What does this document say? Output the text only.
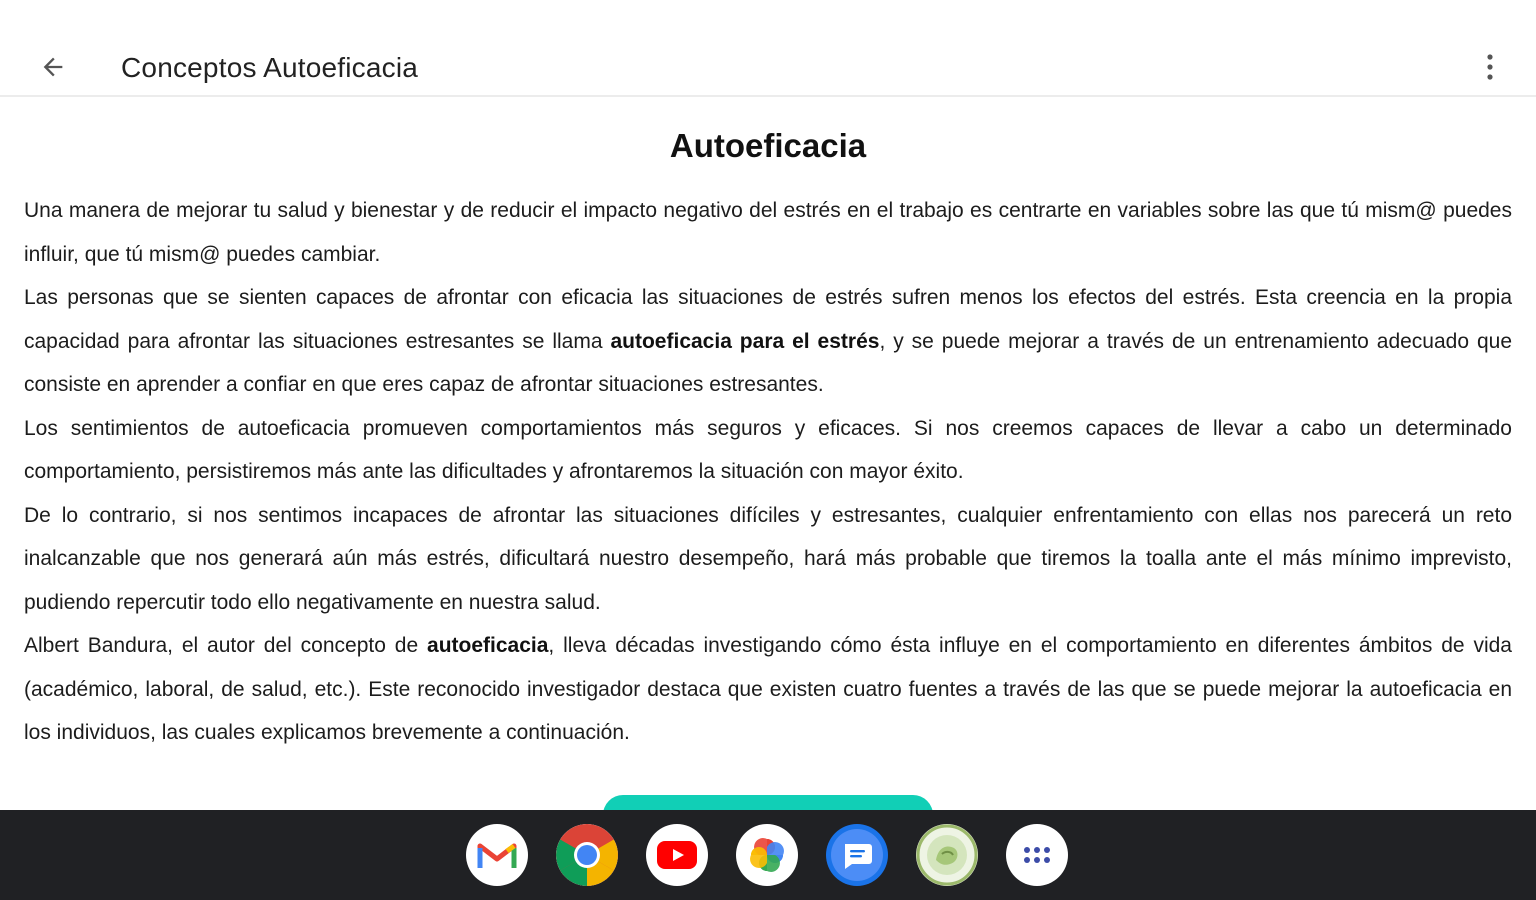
Conceptos Autoeficacia
Autoeficacia

Una manera de mejorar tu salud y bienestar y de reducir el impacto negativo del estrés en el trabajo es centrarte en variables sobre las que tú mism@ puedes influir, que tú mism@ puedes cambiar.

Las personas que se sienten capaces de afrontar con eficacia las situaciones de estrés sufren menos los efectos del estrés. Esta creencia en la propia capacidad para afrontar las situaciones estresantes se llama autoeficacia para el estrés, y se puede mejorar a través de un entrenamiento adecuado que consiste en aprender a confiar en que eres capaz de afrontar situaciones estresantes.

Los sentimientos de autoeficacia promueven comportamientos más seguros y eficaces. Si nos creemos capaces de llevar a cabo un determinado comportamiento, persistiremos más ante las dificultades y afrontaremos la situación con mayor éxito.

De lo contrario, si nos sentimos incapaces de afrontar las situaciones difíciles y estresantes, cualquier enfrentamiento con ellas nos parecerá un reto inalcanzable que nos generará aún más estrés, dificultará nuestro desempeño, hará más probable que tiremos la toalla ante el más mínimo imprevisto, pudiendo repercutir todo ello negativamente en nuestra salud.

Albert Bandura, el autor del concepto de autoeficacia, lleva décadas investigando cómo ésta influye en el comportamiento en diferentes ámbitos de vida (académico, laboral, de salud, etc.). Este reconocido investigador destaca que existen cuatro fuentes a través de las que se puede mejorar la autoeficacia en los individuos, las cuales explicamos brevemente a continuación.
